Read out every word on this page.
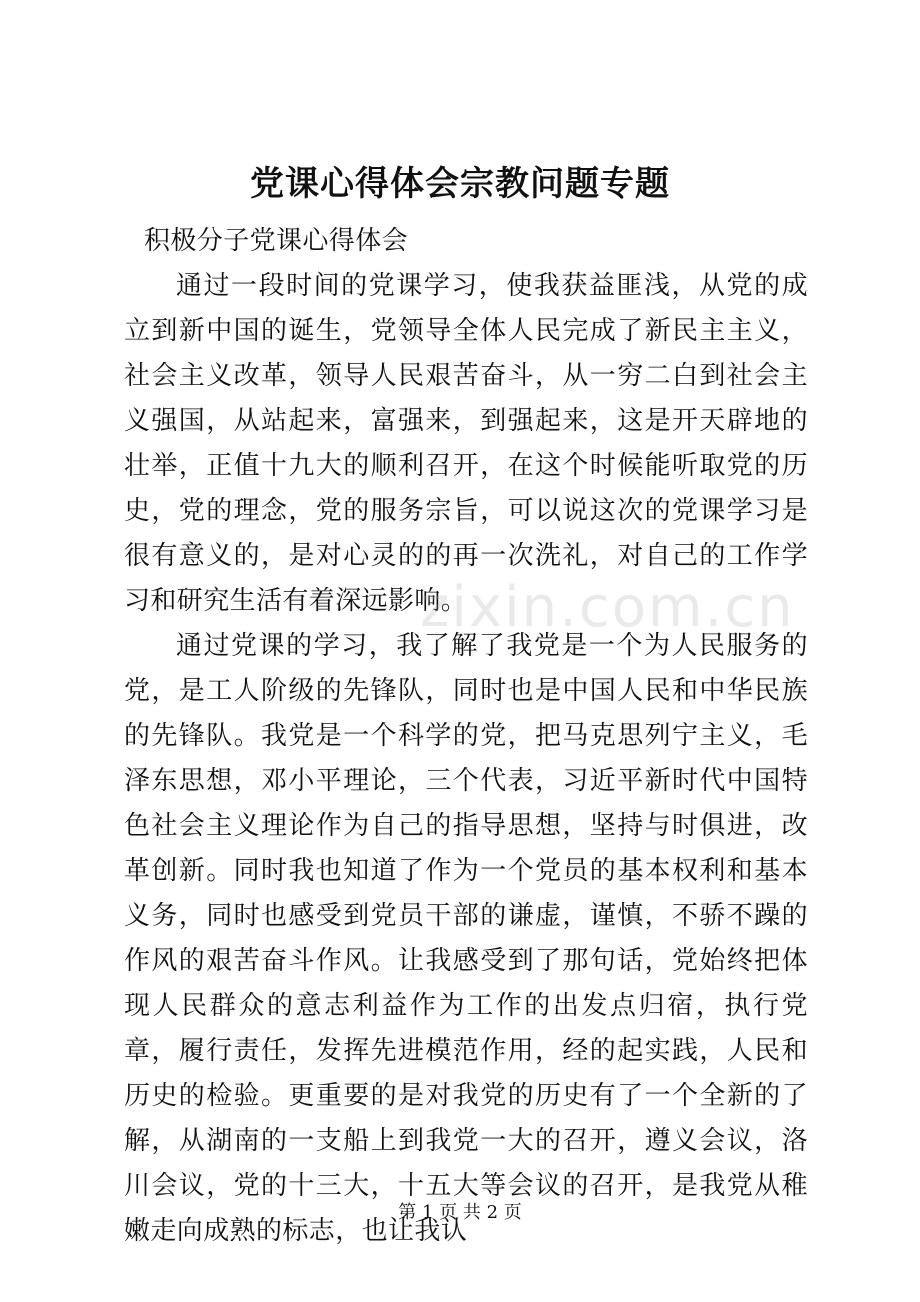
党课心得体会宗教问题专题

积极分子党课心得体会

通过一段时间的党课学习，使我获益匪浅，从党的成立到新中国的诞生，党领导全体人民完成了新民主主义，社会主义改革，领导人民艰苦奋斗，从一穷二白到社会主义强国，从站起来，富强来，到强起来，这是开天辟地的壮举，正值十九大的顺利召开，在这个时候能听取党的历史，党的理念，党的服务宗旨，可以说这次的党课学习是很有意义的，是对心灵的的再一次洗礼，对自己的工作学习和研究生活有着深远影响。

通过党课的学习，我了解了我党是一个为人民服务的党，是工人阶级的先锋队，同时也是中国人民和中华民族的先锋队。我党是一个科学的党，把马克思列宁主义，毛泽东思想，邓小平理论，三个代表，习近平新时代中国特色社会主义理论作为自己的指导思想，坚持与时俱进，改革创新。同时我也知道了作为一个党员的基本权利和基本义务，同时也感受到党员干部的谦虚，谨慎，不骄不躁的作风的艰苦奋斗作风。让我感受到了那句话，党始终把体现人民群众的意志利益作为工作的出发点归宿，执行党章，履行责任，发挥先进模范作用，经的起实践，人民和历史的检验。更重要的是对我党的历史有了一个全新的了解，从湖南的一支船上到我党一大的召开，遵义会议，洛川会议，党的十三大，十五大等会议的召开，是我党从稚嫩走向成熟的标志，也让我认

zixin.com.cn
第 1 页 共 2 页
